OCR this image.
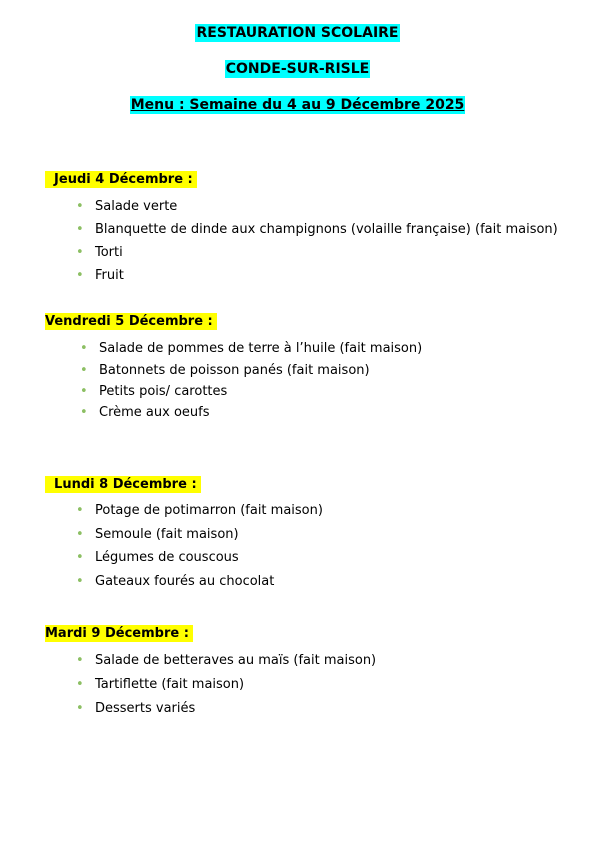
RESTAURATION SCOLAIRE
CONDE-SUR-RISLE
Menu : Semaine du 4 au 9 Décembre 2025
Jeudi 4 Décembre :
• Salade verte
• Blanquette de dinde aux champignons (volaille française) (fait maison)
• Torti
• Fruit
Vendredi 5 Décembre :
• Salade de pommes de terre à l’huile (fait maison)
• Batonnets de poisson panés (fait maison)
• Petits pois/ carottes
• Crème aux oeufs
Lundi 8 Décembre :
• Potage de potimarron (fait maison)
• Semoule (fait maison)
• Légumes de couscous
• Gateaux fourés au chocolat
Mardi 9 Décembre :
• Salade de betteraves au maïs (fait maison)
• Tartiflette (fait maison)
• Desserts variés
